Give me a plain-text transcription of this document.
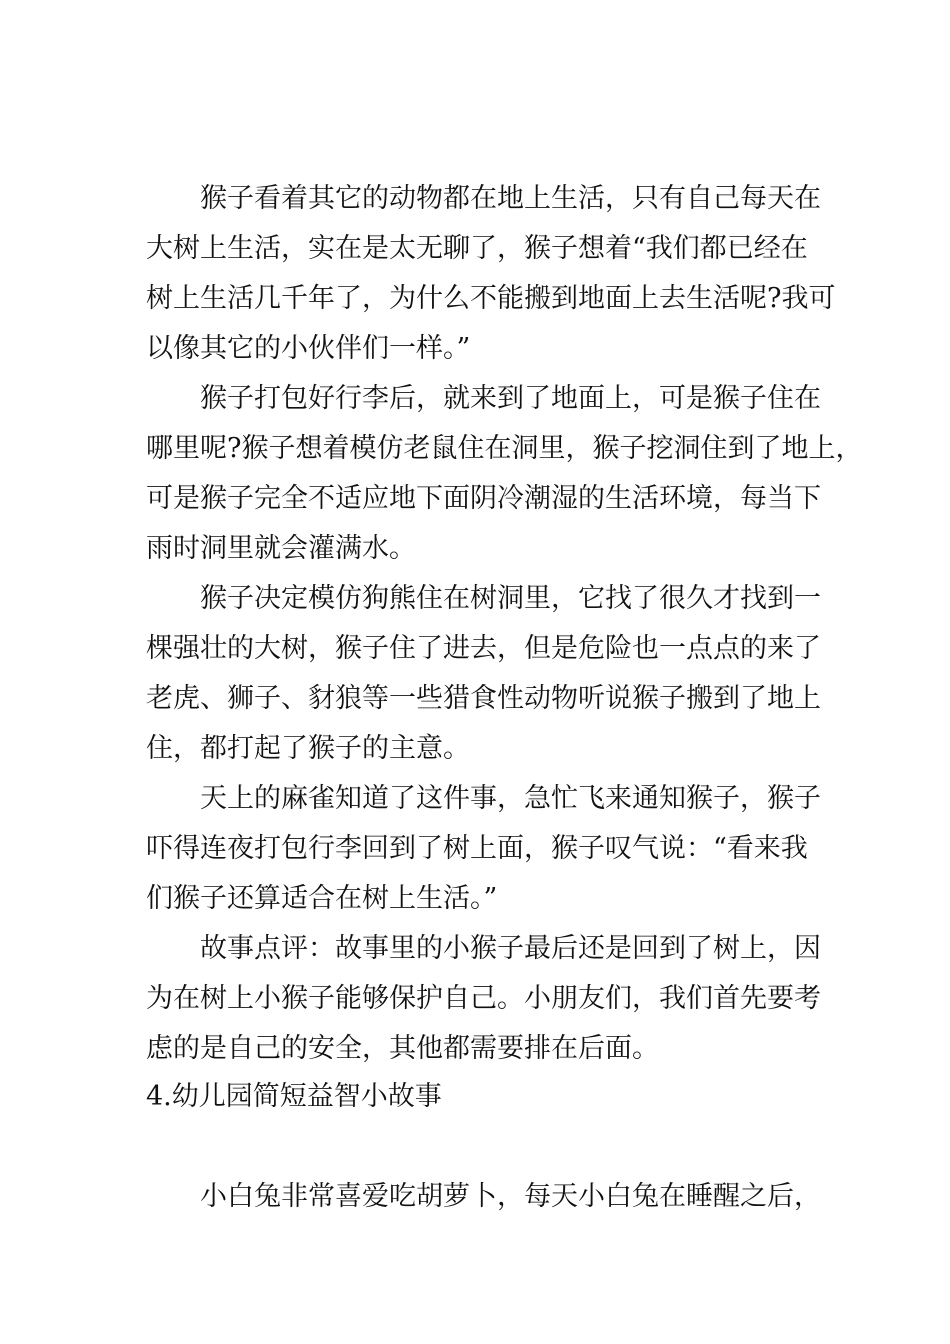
猴子看着其它的动物都在地上生活，只有自己每天在
大树上生活，实在是太无聊了，猴子想着“我们都已经在
树上生活几千年了，为什么不能搬到地面上去生活呢?我可
以像其它的小伙伴们一样。”
猴子打包好行李后，就来到了地面上，可是猴子住在
哪里呢?猴子想着模仿老鼠住在洞里，猴子挖洞住到了地上，
可是猴子完全不适应地下面阴冷潮湿的生活环境，每当下
雨时洞里就会灌满水。
猴子决定模仿狗熊住在树洞里，它找了很久才找到一
棵强壮的大树，猴子住了进去，但是危险也一点点的来了
老虎、狮子、豺狼等一些猎食性动物听说猴子搬到了地上
住，都打起了猴子的主意。
天上的麻雀知道了这件事，急忙飞来通知猴子，猴子
吓得连夜打包行李回到了树上面，猴子叹气说：“看来我
们猴子还算适合在树上生活。”
故事点评：故事里的小猴子最后还是回到了树上，因
为在树上小猴子能够保护自己。小朋友们，我们首先要考
虑的是自己的安全，其他都需要排在后面。
4.幼儿园简短益智小故事
小白兔非常喜爱吃胡萝卜，每天小白兔在睡醒之后，
